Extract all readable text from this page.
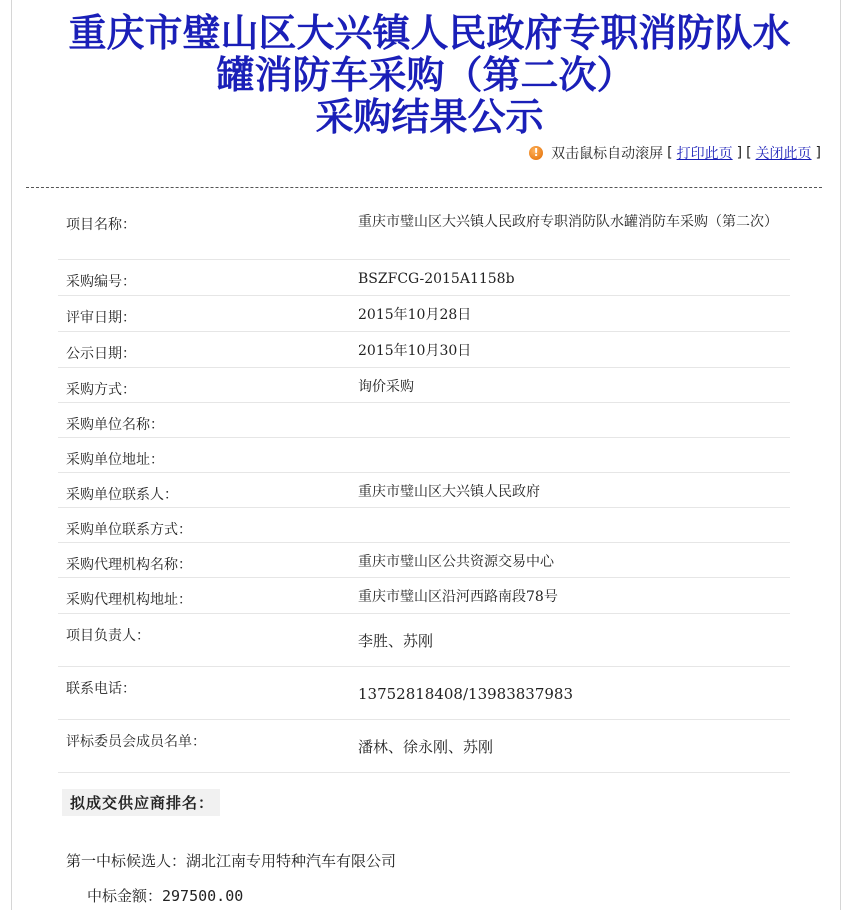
重庆市璧山区大兴镇人民政府专职消防队水
罐消防车采购（第二次）
采购结果公示
! 双击鼠标自动滚屏 [ 打印此页 ] [ 关闭此页 ]
项目名称：	重庆市璧山区大兴镇人民政府专职消防队水罐消防车采购（第二次）
采购编号：	BSZFCG-2015A1158b
评审日期：	2015年10月28日
公示日期：	2015年10月30日
采购方式：	询价采购
采购单位名称：	
采购单位地址：	
采购单位联系人：	重庆市璧山区大兴镇人民政府
采购单位联系方式：	
采购代理机构名称：	重庆市璧山区公共资源交易中心
采购代理机构地址：	重庆市璧山区沿河西路南段78号
项目负责人：	李胜、苏刚
联系电话：	13752818408/13983837983
评标委员会成员名单：	潘林、徐永刚、苏刚
拟成交供应商排名：
第一中标候选人：湖北江南专用特种汽车有限公司
中标金额：297500.00
